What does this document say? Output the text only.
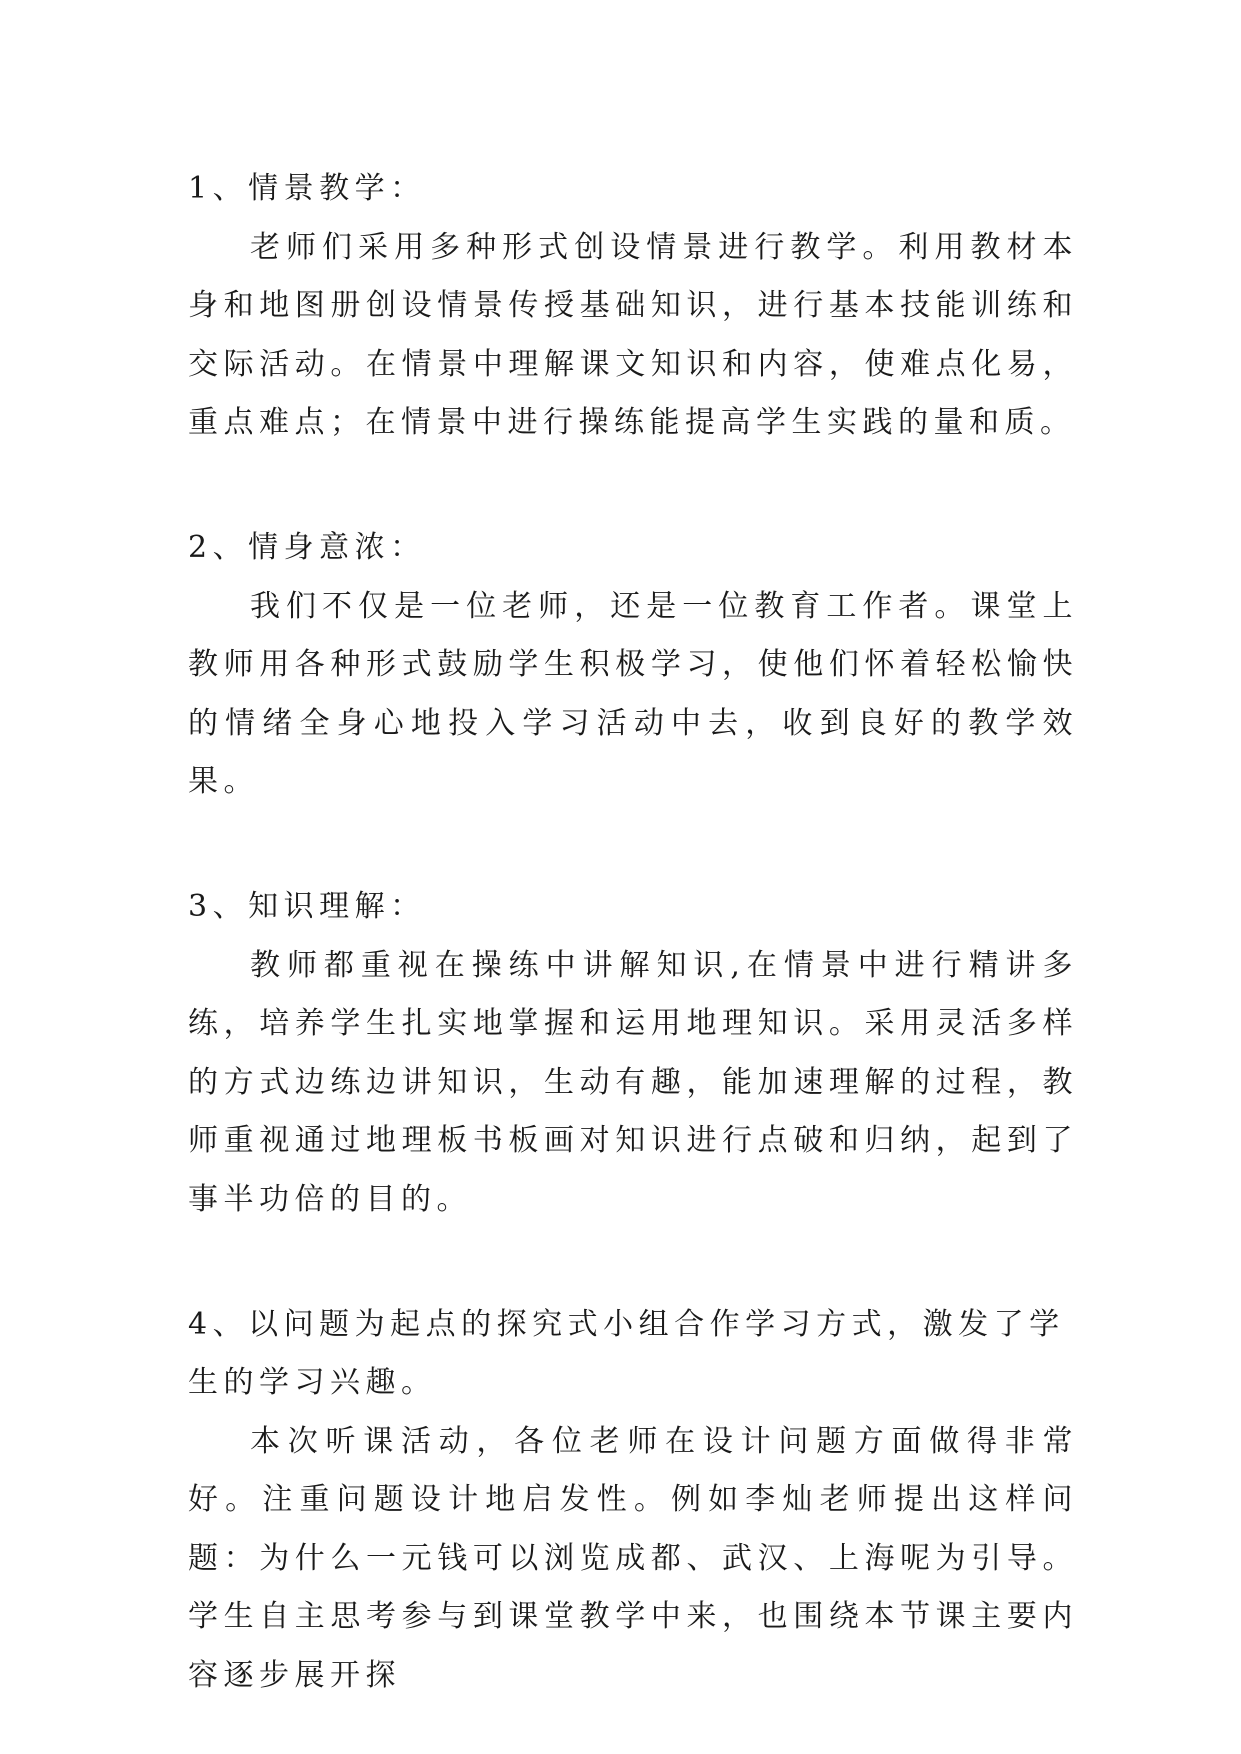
1、情景教学：

老师们采用多种形式创设情景进行教学。利用教材本身和地图册创设情景传授基础知识，进行基本技能训练和交际活动。在情景中理解课文知识和内容，使难点化易，重点难点；在情景中进行操练能提高学生实践的量和质。

2、情身意浓：

我们不仅是一位老师，还是一位教育工作者。课堂上教师用各种形式鼓励学生积极学习，使他们怀着轻松愉快的情绪全身心地投入学习活动中去，收到良好的教学效果。

3、知识理解：

教师都重视在操练中讲解知识,在情景中进行精讲多练，培养学生扎实地掌握和运用地理知识。采用灵活多样的方式边练边讲知识，生动有趣，能加速理解的过程，教师重视通过地理板书板画对知识进行点破和归纳，起到了事半功倍的目的。

4、以问题为起点的探究式小组合作学习方式，激发了学生的学习兴趣。

本次听课活动，各位老师在设计问题方面做得非常好。注重问题设计地启发性。例如李灿老师提出这样问题：为什么一元钱可以浏览成都、武汉、上海呢为引导。学生自主思考参与到课堂教学中来，也围绕本节课主要内容逐步展开探
